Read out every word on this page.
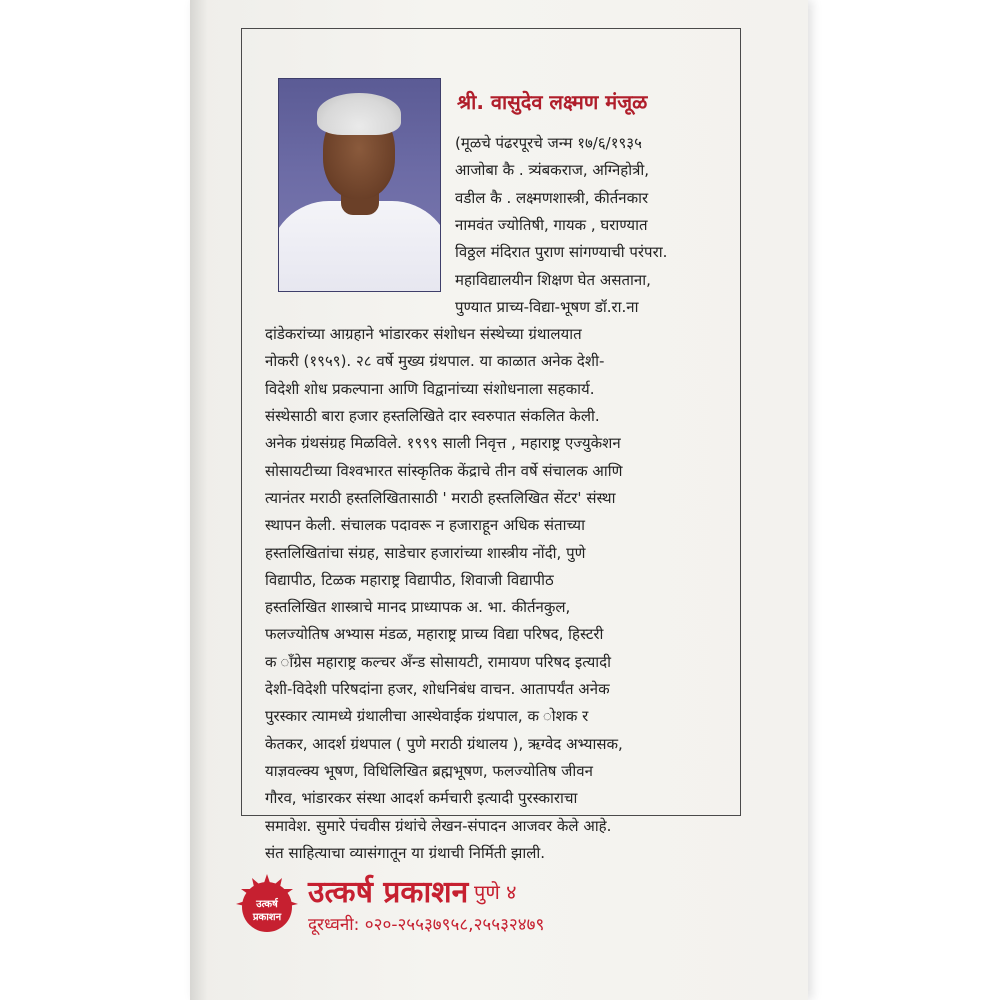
श्री. वासुदेव लक्ष्मण मंजूळ
(मूळचे पंढरपूरचे जन्म १७/६/१९३५
आजोबा कै . त्र्यंबकराज, अग्निहोत्री,
वडील कै . लक्ष्मणशास्त्री, कीर्तनकार
नामवंत ज्योतिषी, गायक , घराण्यात
विठ्ठल मंदिरात पुराण सांगण्याची परंपरा.
महाविद्यालयीन शिक्षण घेत असताना,
पुण्यात प्राच्य-विद्या-भूषण डॉ.रा.ना
दांडेकरांच्या आग्रहाने भांडारकर संशोधन संस्थेच्या ग्रंथालयात
नोकरी (१९५९). २८ वर्षे मुख्य ग्रंथपाल. या काळात अनेक देशी-
विदेशी शोध प्रकल्पाना आणि विद्वानांच्या संशोधनाला सहकार्य.
संस्थेसाठी बारा हजार हस्तलिखिते दार स्वरुपात संकलित केली.
अनेक ग्रंथसंग्रह मिळविले. १९९९ साली निवृत्त , महाराष्ट्र एज्युकेशन
सोसायटीच्या विश्वभारत सांस्कृतिक केंद्राचे तीन वर्षे संचालक आणि
त्यानंतर मराठी हस्तलिखितासाठी ' मराठी हस्तलिखित सेंटर' संस्था
स्थापन केली. संचालक पदावरू न हजाराहून अधिक संताच्या
हस्तलिखितांचा संग्रह, साडेचार हजारांच्या शास्त्रीय नोंदी, पुणे
विद्यापीठ, टिळक महाराष्ट्र विद्यापीठ, शिवाजी विद्यापीठ
हस्तलिखित शास्त्राचे मानद प्राध्यापक अ. भा. कीर्तनकुल,
फलज्योतिष अभ्यास मंडळ, महाराष्ट्र प्राच्य विद्या परिषद, हिस्टरी
क ाँग्रेस महाराष्ट्र कल्चर अँन्ड सोसायटी, रामायण परिषद इत्यादी
देशी-विदेशी परिषदांना हजर, शोधनिबंध वाचन. आतापर्यंत अनेक
पुरस्कार त्यामध्ये ग्रंथालीचा आस्थेवाईक ग्रंथपाल, क ोशक र
केतकर, आदर्श ग्रंथपाल ( पुणे मराठी ग्रंथालय ), ऋग्वेद अभ्यासक,
याज्ञवल्क्य भूषण, विधिलिखित ब्रह्मभूषण, फलज्योतिष जीवन
गौरव, भांडारकर संस्था आदर्श कर्मचारी इत्यादी पुरस्काराचा
समावेश. सुमारे पंचवीस ग्रंथांचे लेखन-संपादन आजवर केले आहे.
संत साहित्याचा व्यासंगातून या ग्रंथाची निर्मिती झाली.
उत्कर्ष
प्रकाशन
उत्कर्ष प्रकाशन पुणे ४
दूरध्वनी: ०२०-२५५३७९५८,२५५३२४७९
